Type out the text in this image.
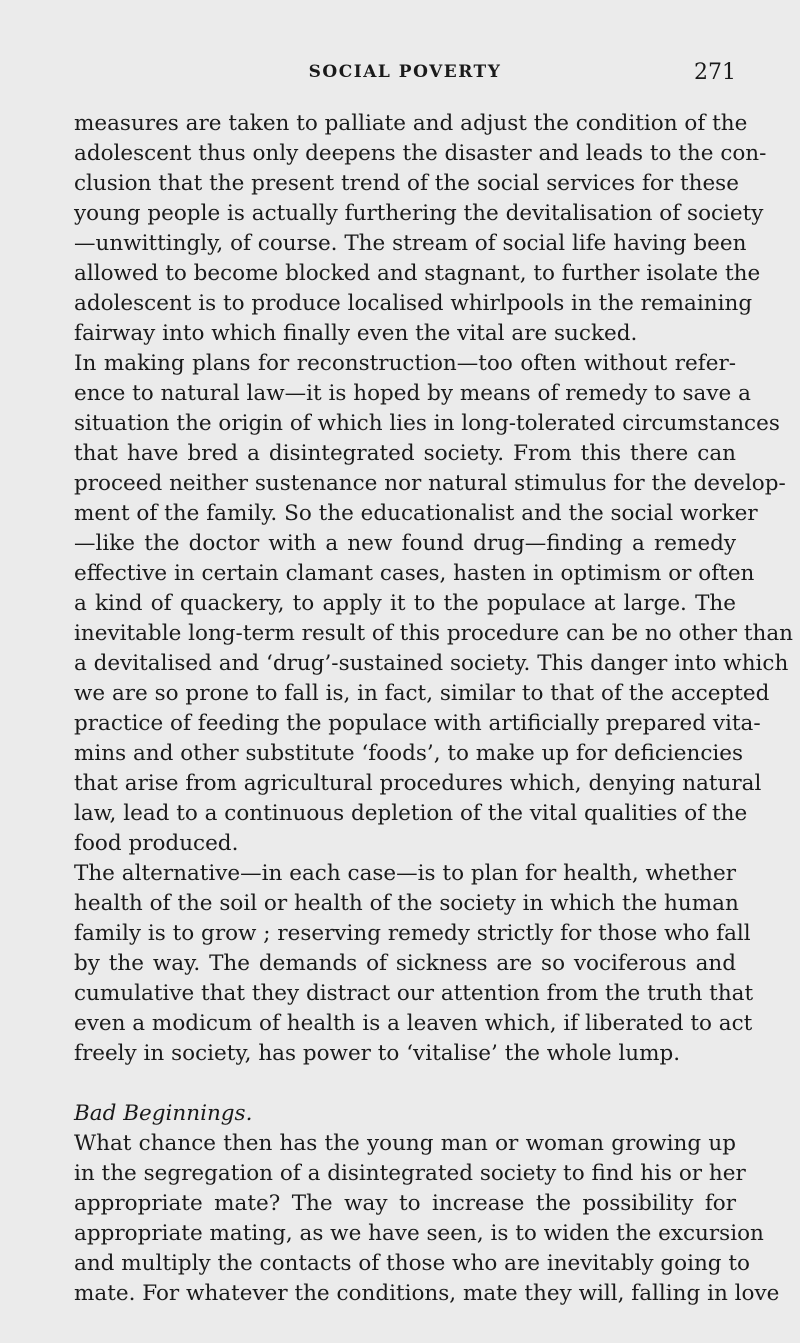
SOCIAL POVERTY	271
measures are taken to palliate and adjust the condition of the
adolescent thus only deepens the disaster and leads to the con-
clusion that the present trend of the social services for these
young people is actually furthering the devitalisation of society
—unwittingly, of course. The stream of social life having been
allowed to become blocked and stagnant, to further isolate the
adolescent is to produce localised whirlpools in the remaining
fairway into which finally even the vital are sucked.
In making plans for reconstruction—too often without refer-
ence to natural law—it is hoped by means of remedy to save a
situation the origin of which lies in long-tolerated circumstances
that have bred a disintegrated society. From this there can
proceed neither sustenance nor natural stimulus for the develop-
ment of the family. So the educationalist and the social worker
—like the doctor with a new found drug—finding a remedy
effective in certain clamant cases, hasten in optimism or often
a kind of quackery, to apply it to the populace at large. The
inevitable long-term result of this procedure can be no other than
a devitalised and ‘drug’-sustained society. This danger into which
we are so prone to fall is, in fact, similar to that of the accepted
practice of feeding the populace with artificially prepared vita-
mins and other substitute ‘foods’, to make up for deficiencies
that arise from agricultural procedures which, denying natural
law, lead to a continuous depletion of the vital qualities of the
food produced.
The alternative—in each case—is to plan for health, whether
health of the soil or health of the society in which the human
family is to grow ; reserving remedy strictly for those who fall
by the way. The demands of sickness are so vociferous and
cumulative that they distract our attention from the truth that
even a modicum of health is a leaven which, if liberated to act
freely in society, has power to ‘vitalise’ the whole lump.
Bad Beginnings.
What chance then has the young man or woman growing up
in the segregation of a disintegrated society to find his or her
appropriate mate? The way to increase the possibility for
appropriate mating, as we have seen, is to widen the excursion
and multiply the contacts of those who are inevitably going to
mate. For whatever the conditions, mate they will, falling in love
